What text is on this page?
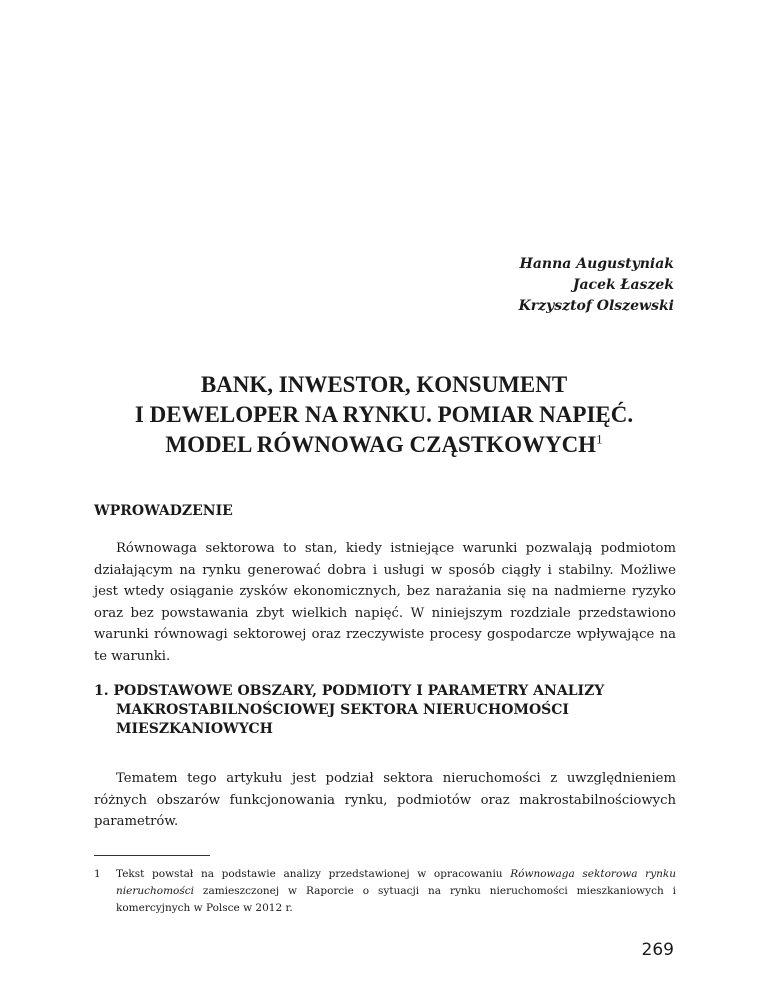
Hanna Augustyniak
Jacek Łaszek
Krzysztof Olszewski
BANK, INWESTOR, KONSUMENT
I DEWELOPER NA RYNKU. POMIAR NAPIĘĆ.
MODEL RÓWNOWAG CZĄSTKOWYCH$^1$
WPROWADZENIE

Równowaga sektorowa to stan, kiedy istniejące warunki pozwalają podmiotom działającym na rynku generować dobra i usługi w sposób ciągły i stabilny. Możliwe jest wtedy osiąganie zysków ekonomicznych, bez narażania się na nadmierne ryzyko oraz bez powstawania zbyt wielkich napięć. W niniejszym rozdziale przedstawiono warunki równowagi sektorowej oraz rzeczywiste procesy gospodarcze wpływające na te warunki.

1. PODSTAWOWE OBSZARY, PODMIOTY I PARAMETRY ANALIZY MAKROSTABILNOŚCIOWEJ SEKTORA NIERUCHOMOŚCI MIESZKANIOWYCH

Tematem tego artykułu jest podział sektora nieruchomości z uwzględnieniem różnych obszarów funkcjonowania rynku, podmiotów oraz makrostabilnościowych parametrów.

1 Tekst powstał na podstawie analizy przedstawionej w opracowaniu Równowaga sektorowa rynku nieruchomości zamieszczonej w Raporcie o sytuacji na rynku nieruchomości mieszkaniowych i komercyjnych w Polsce w 2012 r.
269
